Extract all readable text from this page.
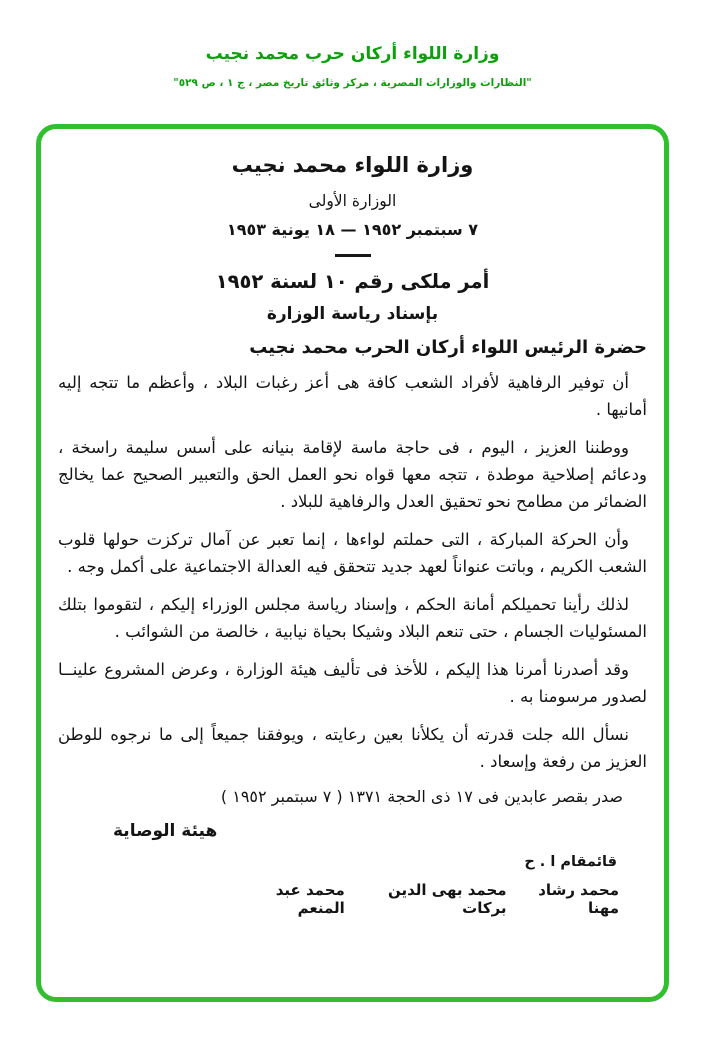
وزارة اللواء أركان حرب محمد نجيب
"النظارات والوزارات المصرية ، مركز وثائق تاريخ مصر ، ج ١ ، ص ٥٢٩"
وزارة اللواء محمد نجيب
الوزارة الأولى
٧ سبتمبر ١٩٥٢ — ١٨ يونية ١٩٥٣
أمر ملكى رقم ١٠ لسنة ١٩٥٢
بإسناد رياسة الوزارة
حضرة الرئيس اللواء أركان الحرب محمد نجيب

أن توفير الرفاهية لأفراد الشعب كافة هى أعز رغبات البلاد ، وأعظم ما تتجه إليه أمانيها .

ووطننا العزيز ، اليوم ، فى حاجة ماسة لإقامة بنيانه على أسس سليمة راسخة ، ودعائم إصلاحية موطدة ، تتجه معها قواه نحو العمل الحق والتعبير الصحيح عما يخالج الضمائر من مطامح نحو تحقيق العدل والرفاهية للبلاد .

وأن الحركة المباركة ، التى حملتم لواءها ، إنما تعبر عن آمال تركزت حولها قلوب الشعب الكريم ، وباتت عنواناً لعهد جديد تتحقق فيه العدالة الاجتماعية على أكمل وجه .

لذلك رأينا تحميلكم أمانة الحكم ، وإسناد رياسة مجلس الوزراء إليكم ، لتقوموا بتلك المسئوليات الجسام ، حتى تنعم البلاد وشيكا بحياة نيابية ، خالصة من الشوائب .

وقد أصدرنا أمرنا هذا إليكم ، للأخذ فى تأليف هيئة الوزارة ، وعرض المشروع علينــا لصدور مرسومنا به .

نسأل الله جلت قدرته أن يكلأنا بعين رعايته ، ويوفقنا جميعاً إلى ما نرجوه للوطن العزيز من رفعة وإسعاد .

صدر بقصر عابدين فى ١٧ ذى الحجة ١٣٧١ ( ٧ سبتمبر ١٩٥٢ )
هيئة الوصاية
قائمقام ا . ح
محمد رشاد مهنا
محمد بهى الدين بركات
محمد عبد المنعم
